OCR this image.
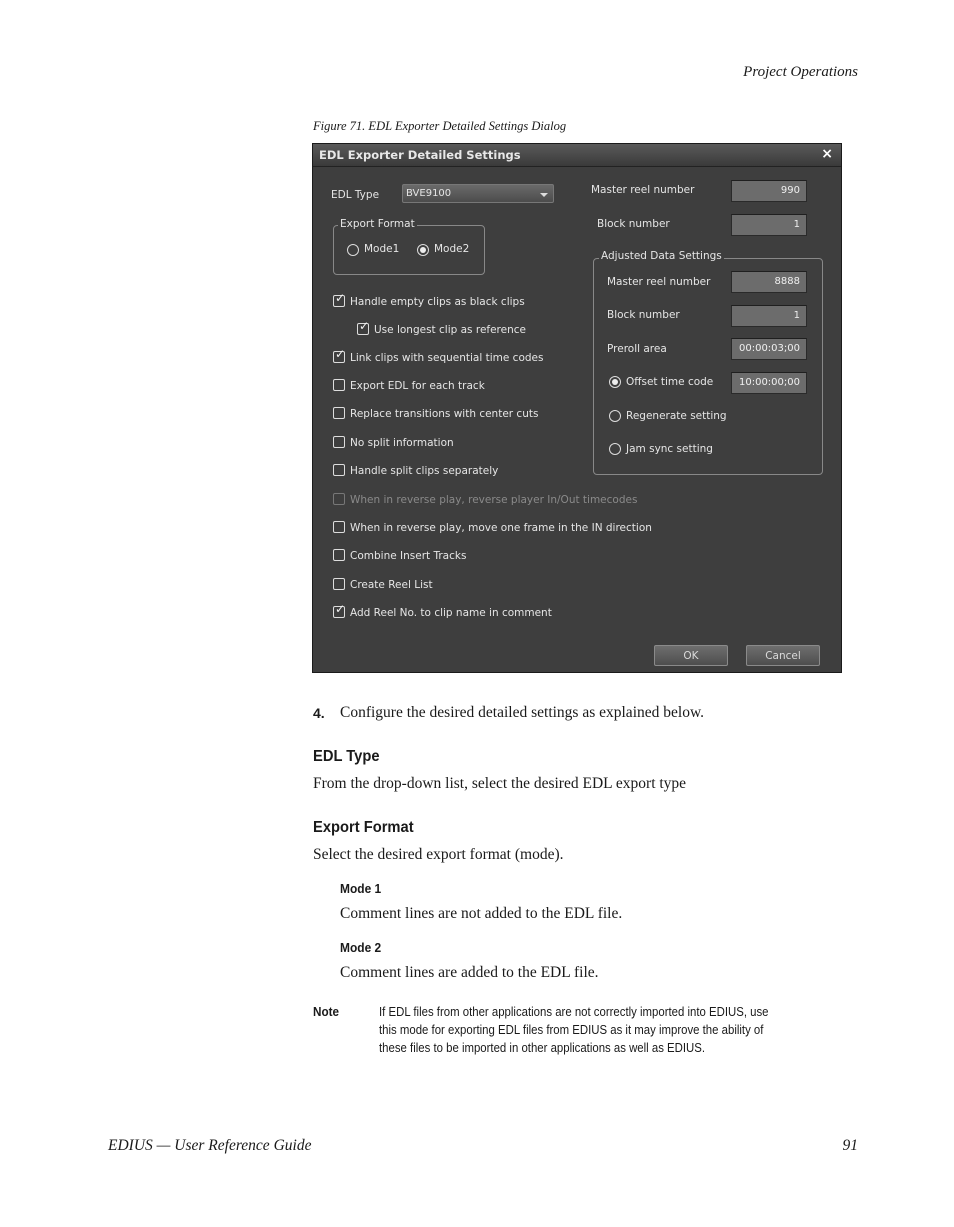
Project Operations
Figure 71. EDL Exporter Detailed Settings Dialog
EDL Exporter Detailed Settings	×
EDL Type	BVE9100
Export Format
Mode1	Mode2
✓ Handle empty clips as black clips
✓ Use longest clip as reference
✓ Link clips with sequential time codes
Export EDL for each track
Replace transitions with center cuts
No split information
Handle split clips separately
When in reverse play, reverse player In/Out timecodes
When in reverse play, move one frame in the IN direction
Combine Insert Tracks
Create Reel List
✓ Add Reel No. to clip name in comment
Master reel number	990
Block number	1
Adjusted Data Settings
Master reel number	8888
Block number	1
Preroll area	00:00:03;00
Offset time code	10:00:00;00
Regenerate setting
Jam sync setting
OK	Cancel
4. Configure the desired detailed settings as explained below.
EDL Type
From the drop-down list, select the desired EDL export type
Export Format
Select the desired export format (mode).
Mode 1
Comment lines are not added to the EDL file.
Mode 2
Comment lines are added to the EDL file.
Note	If EDL files from other applications are not correctly imported into EDIUS, use
this mode for exporting EDL files from EDIUS as it may improve the ability of
these files to be imported in other applications as well as EDIUS.
EDIUS — User Reference Guide	91
